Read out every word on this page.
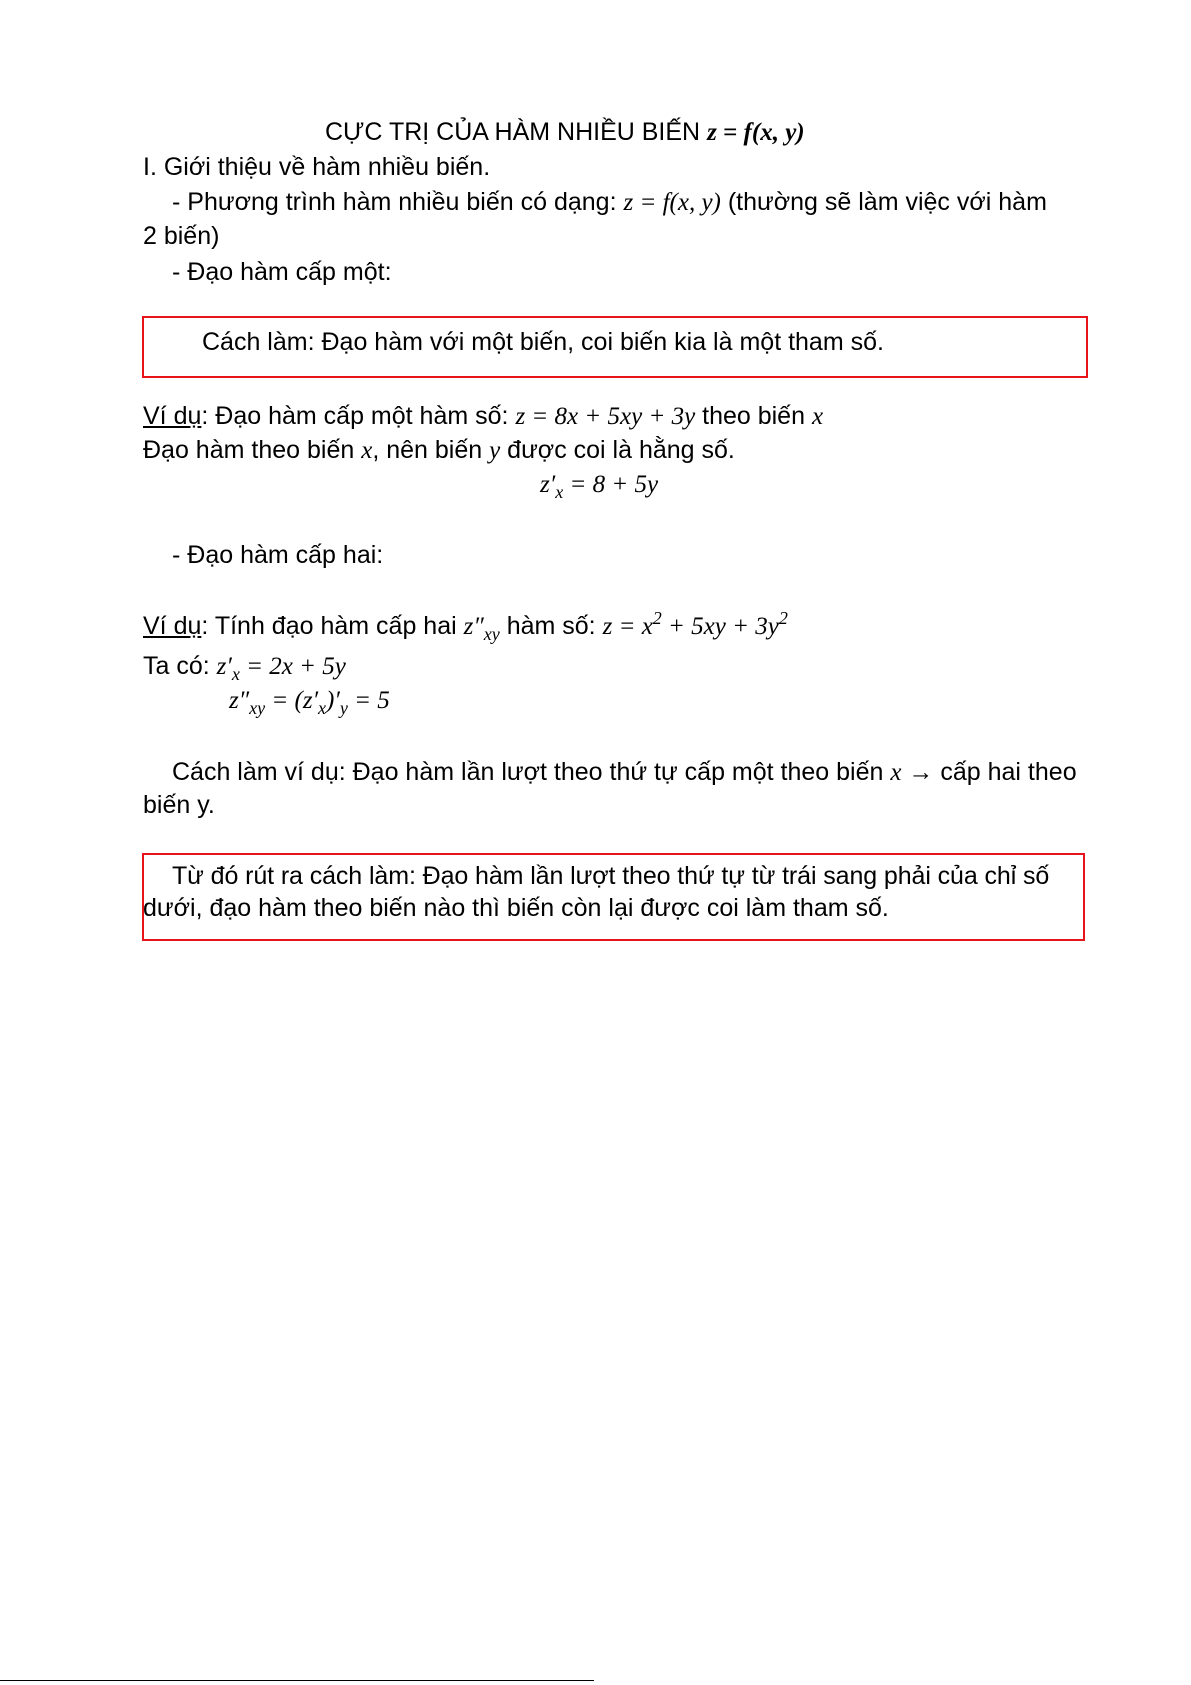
CỰC TRỊ CỦA HÀM NHIỀU BIẾN z = f(x, y)
I. Giới thiệu về hàm nhiều biến.
- Phương trình hàm nhiều biến có dạng: z = f(x, y) (thường sẽ làm việc với hàm
2 biến)
- Đạo hàm cấp một:
Cách làm: Đạo hàm với một biến, coi biến kia là một tham số.
Ví dụ: Đạo hàm cấp một hàm số: z = 8x + 5xy + 3y theo biến x
Đạo hàm theo biến x, nên biến y được coi là hằng số.
$z'_x = 8 + 5y$
- Đạo hàm cấp hai:
Ví dụ: Tính đạo hàm cấp hai $z''_{xy}$ hàm số: $z = x^2 + 5xy + 3y^2$
Ta có: $z'_x = 2x + 5y$
$z''_{xy} = (z'_x)'_y = 5$
Cách làm ví dụ: Đạo hàm lần lượt theo thứ tự cấp một theo biến x → cấp hai theo
biến y.
Từ đó rút ra cách làm: Đạo hàm lần lượt theo thứ tự từ trái sang phải của chỉ số
dưới, đạo hàm theo biến nào thì biến còn lại được coi làm tham số.
